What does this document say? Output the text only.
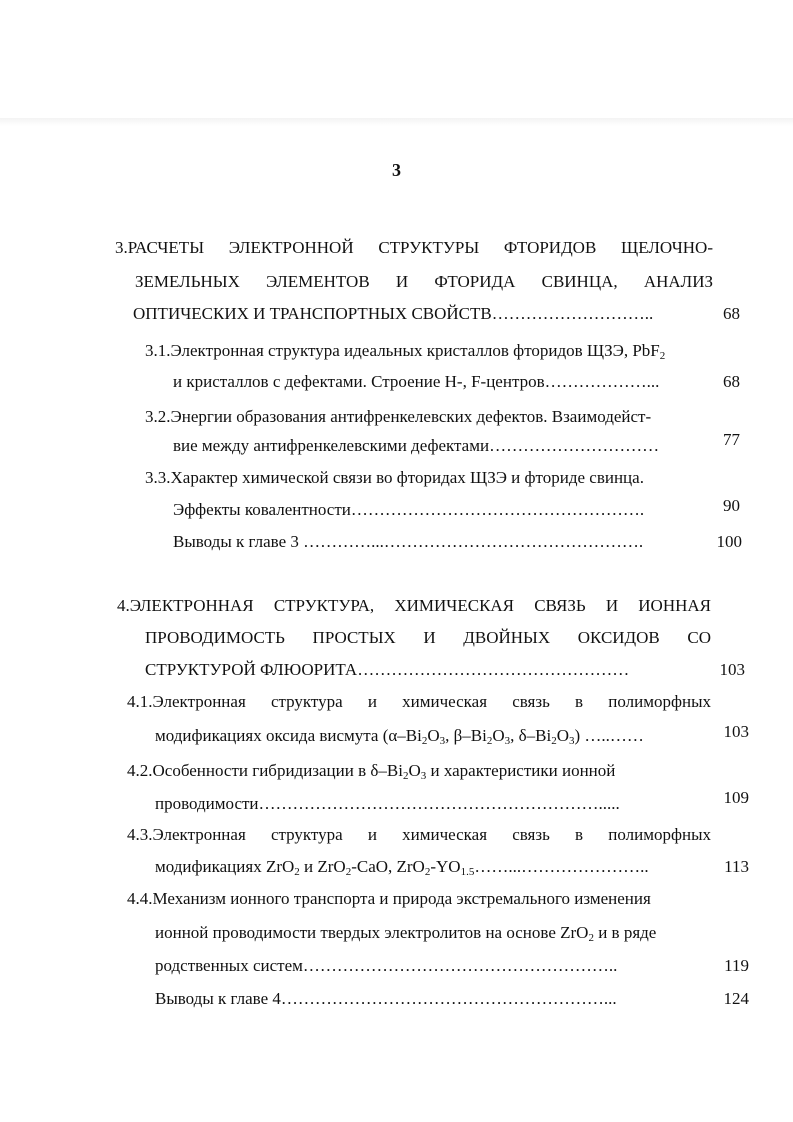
3
3.РАСЧЕТЫ ЭЛЕКТРОННОЙ СТРУКТУРЫ ФТОРИДОВ ЩЕЛОЧНО-
ЗЕМЕЛЬНЫХ ЭЛЕМЕНТОВ И ФТОРИДА СВИНЦА, АНАЛИЗ
ОПТИЧЕСКИХ И ТРАНСПОРТНЫХ СВОЙСТВ………………………..	68
3.1.Электронная структура идеальных кристаллов фторидов ЩЗЭ, PbF$_2$
и кристаллов с дефектами. Строение Н-, F-центров………………...	68
3.2.Энергии образования антифренкелевских дефектов. Взаимодейст-
вие между антифренкелевскими дефектами…………………………	77
3.3.Характер химической связи во фторидах ЩЗЭ и фториде свинца.
Эффекты ковалентности…………………………………………….	90
Выводы к главе 3 …………...……………………………………….	100
4.ЭЛЕКТРОННАЯ СТРУКТУРА, ХИМИЧЕСКАЯ СВЯЗЬ И ИОННАЯ
ПРОВОДИМОСТЬ ПРОСТЫХ И ДВОЙНЫХ ОКСИДОВ СО
СТРУКТУРОЙ ФЛЮОРИТА…………………………………………	103
4.1.Электронная структура и химическая связь в полиморфных
модификациях оксида висмута ($\alpha-Bi_2O_3$, $\beta-Bi_2O_3$, $\delta-Bi_2O_3$) …..……	103
4.2.Особенности гибридизации в $\delta-Bi_2O_3$ и характеристики ионной
проводимости…………………………………………………….....	109
4.3.Электронная структура и химическая связь в полиморфных
модификациях ZrO$_2$ и ZrO$_2$-CaO, $ZrO_2-YO_{1.5}\dots\dots...\dots\dots\dots\dots\dots\dots\dots$..	113
4.4.Механизм ионного транспорта и природа экстремального изменения
ионной проводимости твердых электролитов на основе ZrO$_2$ и в ряде
родственных систем………………………………………………..	119
Выводы к главе 4…………………………………………………...	124
